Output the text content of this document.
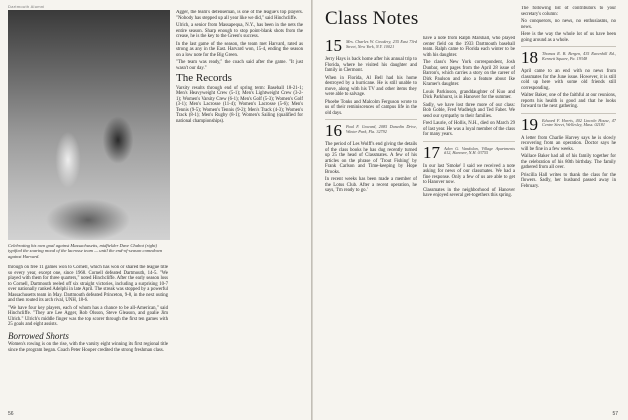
Dartmouth Alumni
Celebrating his own goal against Massachusetts, midfielder Dave Chabot (right) typified the soaring mood of the lacrosse team — until the end-of-season comedown against Harvard.

through on free 11 games won to Cornell, which has won or shared the league title so every year, except one, since 1968. Cornell defeated Dartmouth, 14-5. "We played with them for three quarters," noted Hinchcliffe. After the early season loss to Cornell, Dartmouth reeled off six straight victories, including a surprising 10-7 over nationally ranked Adelphi in late April. The streak was stopped by a powerful Massachusetts team in May. Dartmouth defeated Princeton, 9-8, in the next outing and then routed its arch rival, UNH, 18-6.

"We have four key players, each of whom has a chance to be all-American," said Hinchcliffe. "They are Lee Agger, Rob Olsson, Steve Gleason, and goalie Jim Ulrich." Ulrich's middle finger was the top scorer through the first ten games with 25 goals and eight assists.

Borrowed Shorts

Women's rowing is on the rise, with the varsity eight winning its first regional title since the program began. Coach Peter Hooper credited the strong freshman class.

Agger, the team's defenseman, is one of the league's top players. "Nobody has stepped up all year like we did," said Hinchcliffe.

Ulrich, a senior from Massapequa, N.Y., has been in the nets the entire season. Sharp enough to stop point-blank shots from the crease, he is the key to the Green's success.

In the last game of the season, the team met Harvard, rated as strong as any in the East. Harvard won, 15-4, ending the season on a low note for the Big Green.

"The team was ready," the coach said after the game. "It just wasn't our day."

The Records

Varsity results through end of spring term: Baseball 18-21-1; Men's Heavyweight Crew (5-1); Men's Lightweight Crew (3-2-1); Women's Varsity Crew (6-1); Men's Golf (5-3); Women's Golf (3-1); Men's Lacrosse (11-4); Women's Lacrosse (5-6); Men's Tennis (9-5); Women's Tennis (9-2); Men's Track (4-3); Women's Track (8-1); Men's Rugby (8-1); Women's Sailing (qualified for national championships).

56
Class Notes
15 Mrs. Charles W. Cowdery, 235 East 73rd Street, New York, N.Y. 10021

Jerry Hays is back home after his annual trip to Florida, where he visited his daughter and family in Clermont.

When in Florida, Al Bell had his home destroyed by a hurricane. He is still unable to move, along with his TV and other items they were able to salvage.

Phoebe Tonks and Malcolm Ferguson wrote to us of their reminiscences of campus life in the old days.

16 Paul F. Goward, 2085 Dunedin Drive, Winter Park, Fla. 32792

The period of Les Wolff's end giving the details of the class books he has dug recently turned up 25 the head of Classmates. A few of his articles on the phrase of 'Trout Fishing' by Frank Carlson and Time-keeping by Hope Brooks.

In recent weeks has been made a member of the Lotus Club. After a recent operation, he says, 'I'm ready to go.'

have a note from Ralph Marshall, who played center field on the 1933 Dartmouth baseball team. Ralph came to Florida each winter to be with his daughter.

The class's New York correspondent, Josh Dunbar, sent pages from the April 28 issue of Barron's, which carries a story on the career of Dirk Paulson and also a feature about Ike Kramer's daughter.

Louis Parkinson, granddaughter of Kuo and Dick Parkhurst, is in Hanover for the summer.

Sadly, we have lost three more of our class: Bob Goble, Fred Wadleigh and Ted Faber. We send our sympathy to their families.

Fred Laurie, of Hollis, N.H., died on March 29 of last year. He was a loyal member of the class for many years.

17 Aden G. Vandolan, Village Apartments #12, Hanover, N.H. 03755

In our last 'Smoke' I said we received a note asking for news of our classmates. We had a fine response. Only a few of us are able to get to Hanover now.

Classmates in the neighborhood of Hanover have enjoyed several get-togethers this spring.

The following list of contributors to your secretary's column:

No conquerors, no news, no enthusiasms, no news.

Here is the way the whole lot of us have been going around as a whole.

18 Thomas R. B. Bergen, 435 Ravenhill Rd., Kennett Square, Pa. 19348

April came to an end with no news from classmates for the June issue. However, it is still cold up here with some old friends still corresponding.

Walter Baker, one of the faithful at our reunions, reports his health is good and that he looks forward to the next gathering.

19 Edward F. Harris, 402 Lincoln House, 47 Centre Street, Wellesley, Mass. 02181

A letter from Charlie Harvey says he is slowly recovering from an operation. Doctor says he will be fine in a few weeks.

Wallace Baker had all of his family together for the celebration of his 80th birthday. The family gathered from all over.

Priscilla Hall writes to thank the class for the flowers. Sadly, her husband passed away in February.

57
